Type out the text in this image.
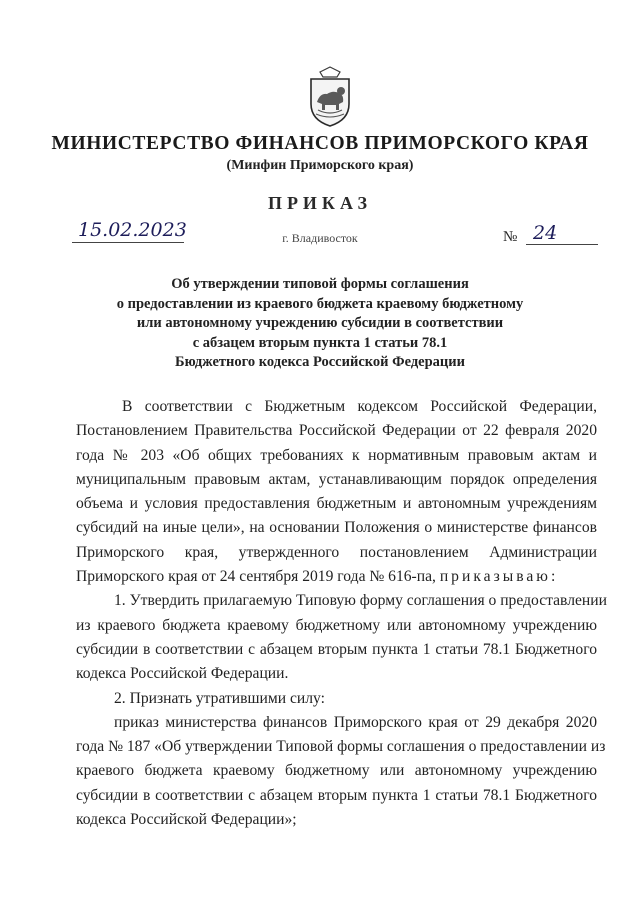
МИНИСТЕРСТВО ФИНАНСОВ ПРИМОРСКОГО КРАЯ
(Минфин Приморского края)
ПРИКАЗ
15.02.2023	г. Владивосток	№ 24
Об утверждении типовой формы соглашения
о предоставлении из краевого бюджета краевому бюджетному
или автономному учреждению субсидии в соответствии
с абзацем вторым пункта 1 статьи 78.1
Бюджетного кодекса Российской Федерации
В соответствии с Бюджетным кодексом Российской Федерации,
Постановлением Правительства Российской Федерации от 22 февраля 2020
года № 203 «Об общих требованиях к нормативным правовым актам и
муниципальным правовым актам, устанавливающим порядок определения
объема и условия предоставления бюджетным и автономным учреждениям
субсидий на иные цели», на основании Положения о министерстве финансов
Приморского края, утвержденного постановлением Администрации
Приморского края от 24 сентября 2019 года № 616-па, приказываю:
1. Утвердить прилагаемую Типовую форму соглашения о предоставлении
из краевого бюджета краевому бюджетному или автономному учреждению
субсидии в соответствии с абзацем вторым пункта 1 статьи 78.1 Бюджетного
кодекса Российской Федерации.
2. Признать утратившими силу:
приказ министерства финансов Приморского края от 29 декабря 2020
года № 187 «Об утверждении Типовой формы соглашения о предоставлении из
краевого бюджета краевому бюджетному или автономному учреждению
субсидии в соответствии с абзацем вторым пункта 1 статьи 78.1 Бюджетного
кодекса Российской Федерации»;
